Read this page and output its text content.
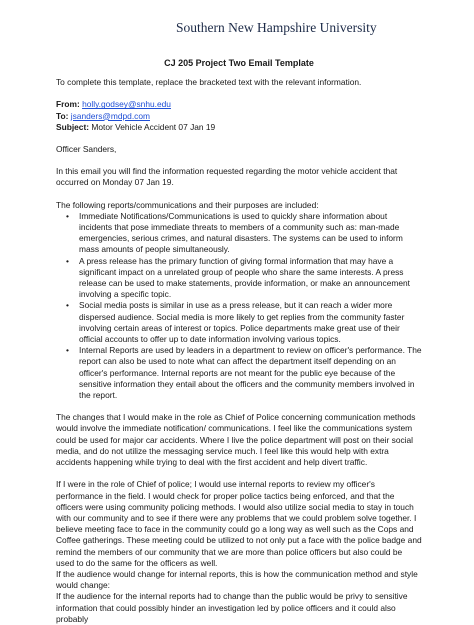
Southern New Hampshire University

CJ 205 Project Two Email Template

To complete this template, replace the bracketed text with the relevant information.

From: holly.godsey@snhu.edu

To: jsanders@mdpd.com

Subject: Motor Vehicle Accident 07 Jan 19

Officer Sanders,

In this email you will find the information requested regarding the motor vehicle accident that occurred on Monday 07 Jan 19.

The following reports/communications and their purposes are included:

• Immediate Notifications/Communications is used to quickly share information about incidents that pose immediate threats to members of a community such as: man-made emergencies, serious crimes, and natural disasters. The systems can be used to inform mass amounts of people simultaneously.
• A press release has the primary function of giving formal information that may have a significant impact on a unrelated group of people who share the same interests. A press release can be used to make statements, provide information, or make an announcement involving a specific topic.
• Social media posts is similar in use as a press release, but it can reach a wider more dispersed audience. Social media is more likely to get replies from the community faster involving certain areas of interest or topics. Police departments make great use of their official accounts to offer up to date information involving various topics.
• Internal Reports are used by leaders in a department to review on officer's performance. The report can also be used to note what can affect the department itself depending on an officer's performance. Internal reports are not meant for the public eye because of the sensitive information they entail about the officers and the community members involved in the report.

The changes that I would make in the role as Chief of Police concerning communication methods would involve the immediate notification/ communications. I feel like the communications system could be used for major car accidents. Where I live the police department will post on their social media, and do not utilize the messaging service much. I feel like this would help with extra accidents happening while trying to deal with the first accident and help divert traffic.

If I were in the role of Chief of police; I would use internal reports to review my officer's performance in the field. I would check for proper police tactics being enforced, and that the officers were using community policing methods. I would also utilize social media to stay in touch with our community and to see if there were any problems that we could problem solve together. I believe meeting face to face in the community could go a long way as well such as the Cops and Coffee gatherings. These meeting could be utilized to not only put a face with the police badge and remind the members of our community that we are more than police officers but also could be used to do the same for the officers as well.

If the audience would change for internal reports, this is how the communication method and style would change:

If the audience for the internal reports had to change than the public would be privy to sensitive information that could possibly hinder an investigation led by police officers and it could also probably
